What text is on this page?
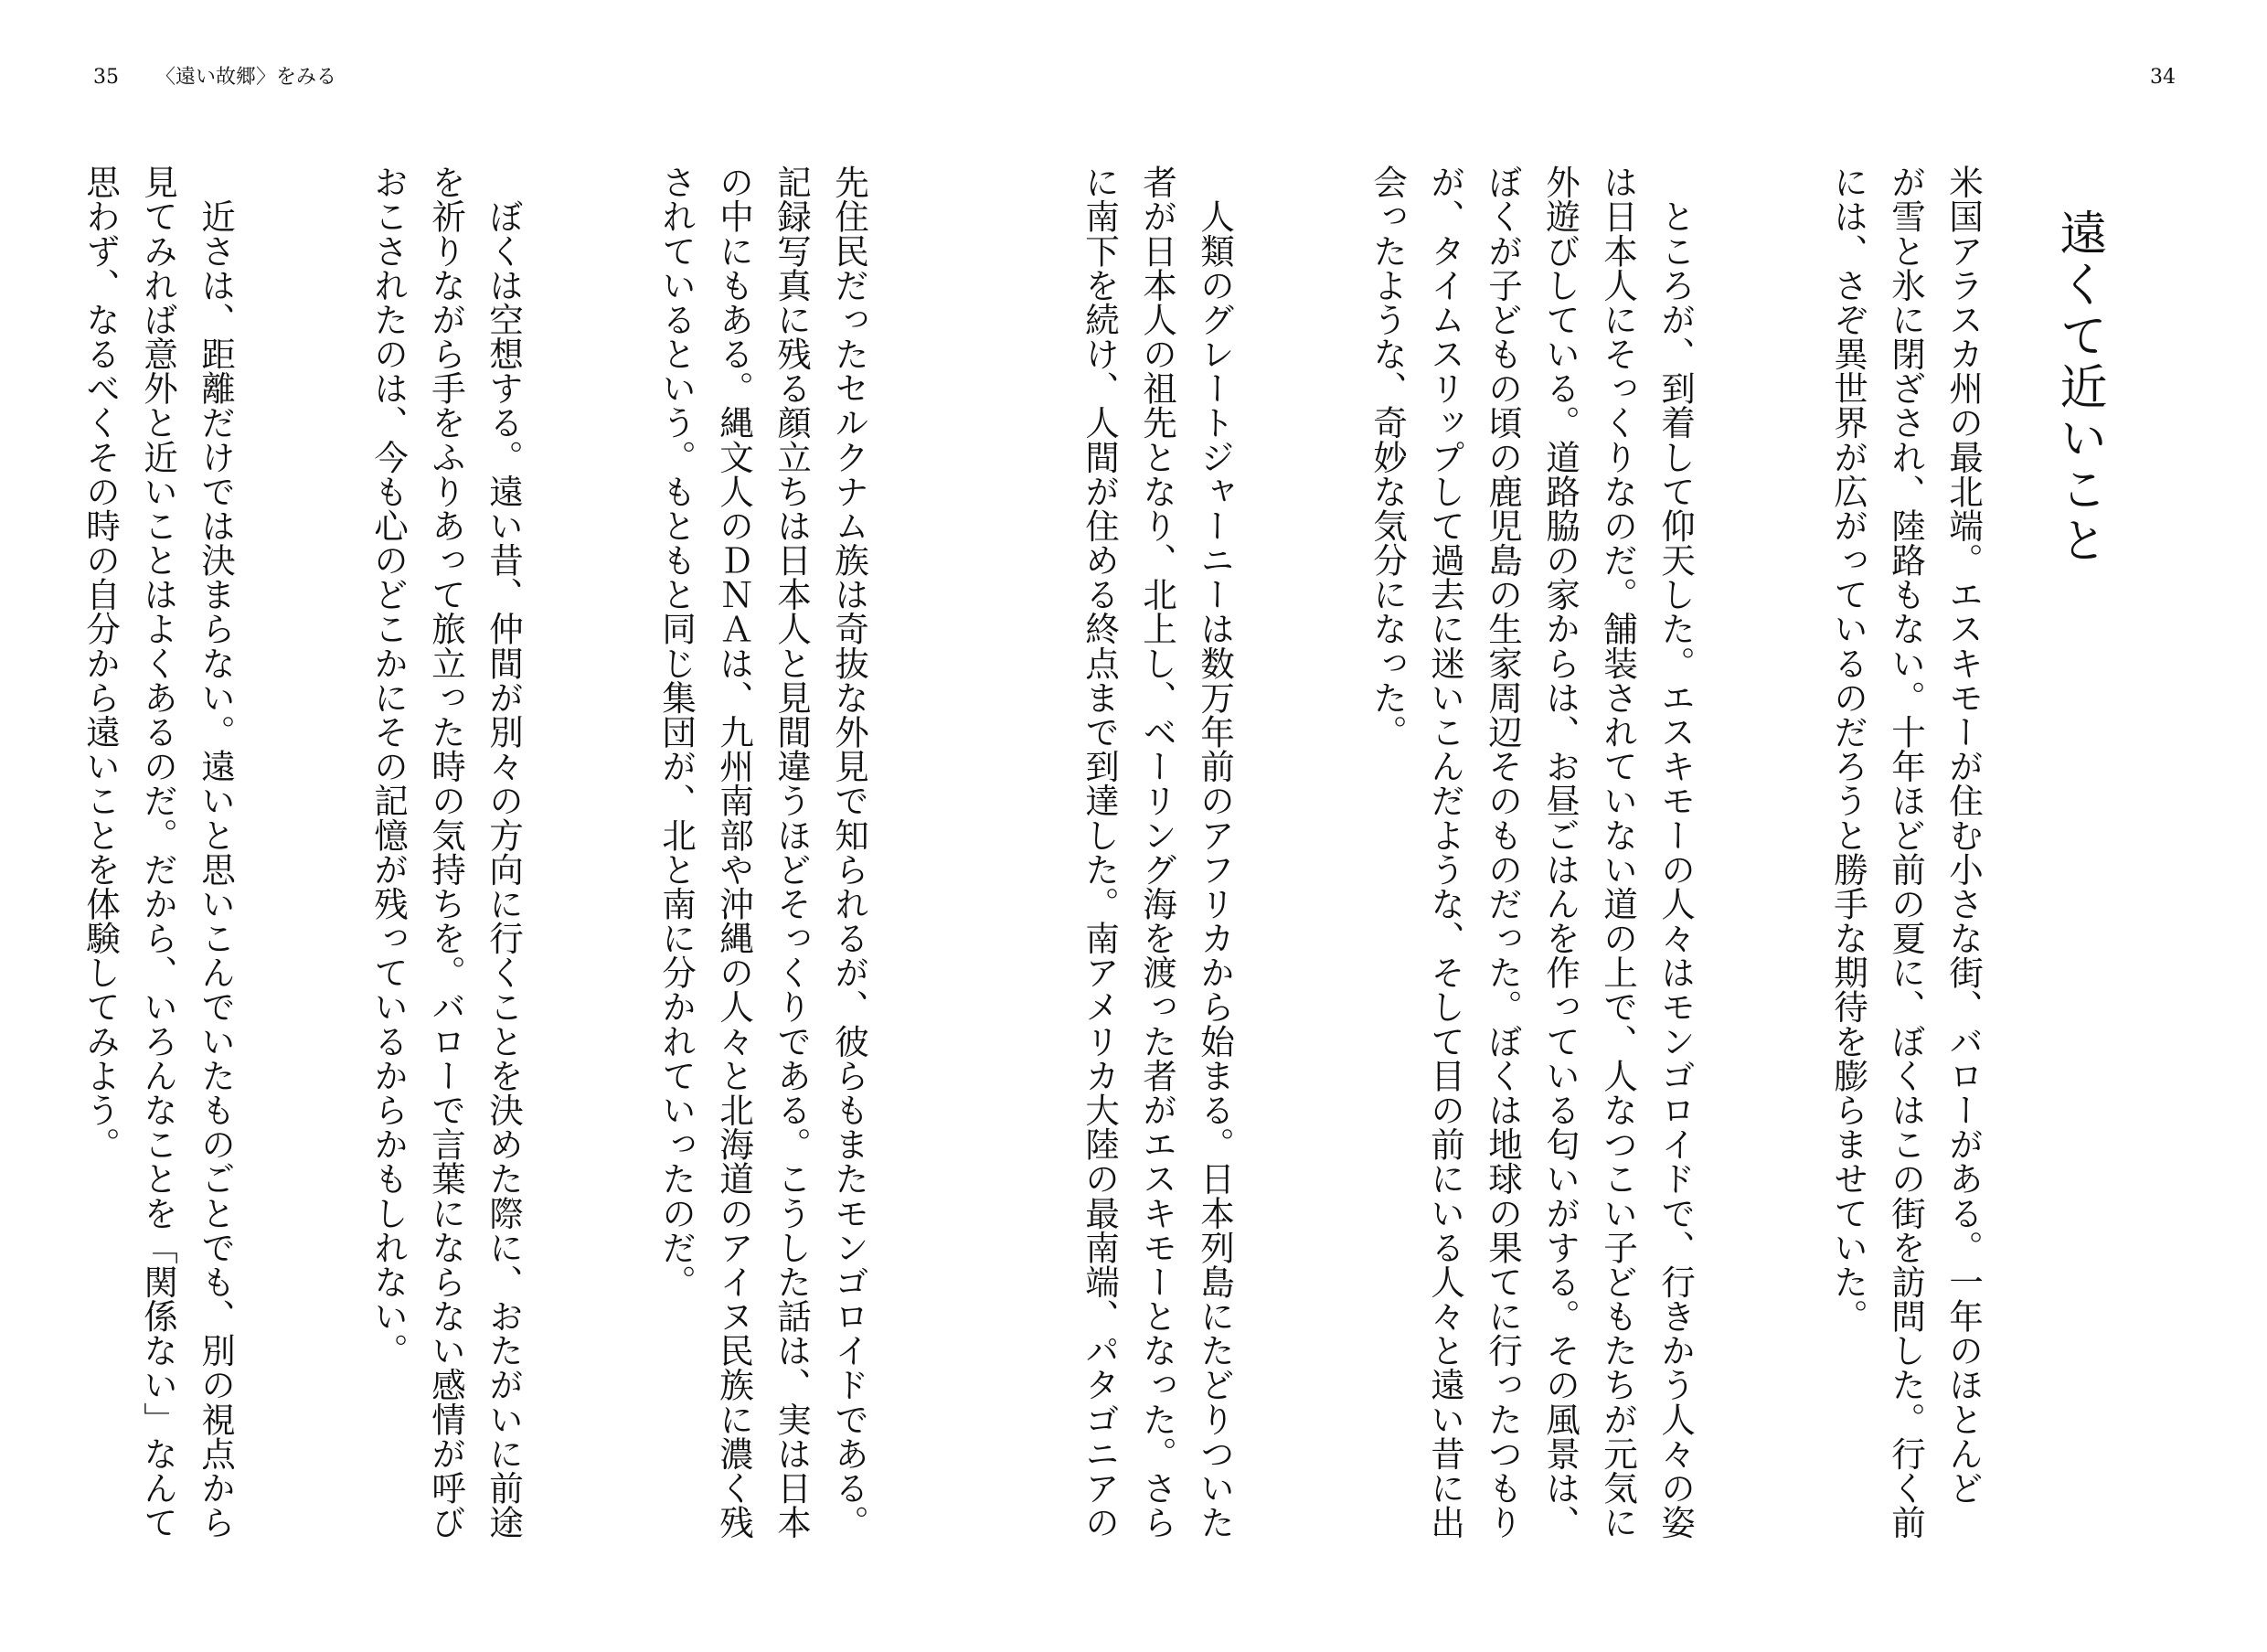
35 〈遠い故郷〉をみる

先住民だったセルクナム族は奇抜な外見で知られるが、彼らもまたモンゴロイドである。
記録写真に残る顔立ちは日本人と見間違うほどそっくりである。こうした話は、実は日本
の中にもある。縄文人のＤＮＡは、九州南部や沖縄の人々と北海道のアイヌ民族に濃く残
されているという。もともと同じ集団が、北と南に分かれていったのだ。

　ぼくは空想する。遠い昔、仲間が別々の方向に行くことを決めた際に、おたがいに前途
を祈りながら手をふりあって旅立った時の気持ちを。バローで言葉にならない感情が呼び
おこされたのは、今も心のどこかにその記憶が残っているからかもしれない。

　近さは、距離だけでは決まらない。遠いと思いこんでいたものごとでも、別の視点から
見てみれば意外と近いことはよくあるのだ。だから、いろんなことを「関係ない」なんて
思わず、なるべくその時の自分から遠いことを体験してみよう。

34

遠くて近いこと

米国アラスカ州の最北端。エスキモーが住む小さな街、バローがある。一年のほとんど
が雪と氷に閉ざされ、陸路もない。十年ほど前の夏に、ぼくはこの街を訪問した。行く前
には、さぞ異世界が広がっているのだろうと勝手な期待を膨らませていた。

　ところが、到着して仰天した。エスキモーの人々はモンゴロイドで、行きかう人々の姿
は日本人にそっくりなのだ。舗装されていない道の上で、人なつこい子どもたちが元気に
外遊びしている。道路脇の家からは、お昼ごはんを作っている匂いがする。その風景は、
ぼくが子どもの頃の鹿児島の生家周辺そのものだった。ぼくは地球の果てに行ったつもり
が、タイムスリップして過去に迷いこんだような、そして目の前にいる人々と遠い昔に出
会ったような、奇妙な気分になった。

　人類のグレートジャーニーは数万年前のアフリカから始まる。日本列島にたどりついた
者が日本人の祖先となり、北上し、ベーリング海を渡った者がエスキモーとなった。さら
に南下を続け、人間が住める終点まで到達した。南アメリカ大陸の最南端、パタゴニアの
